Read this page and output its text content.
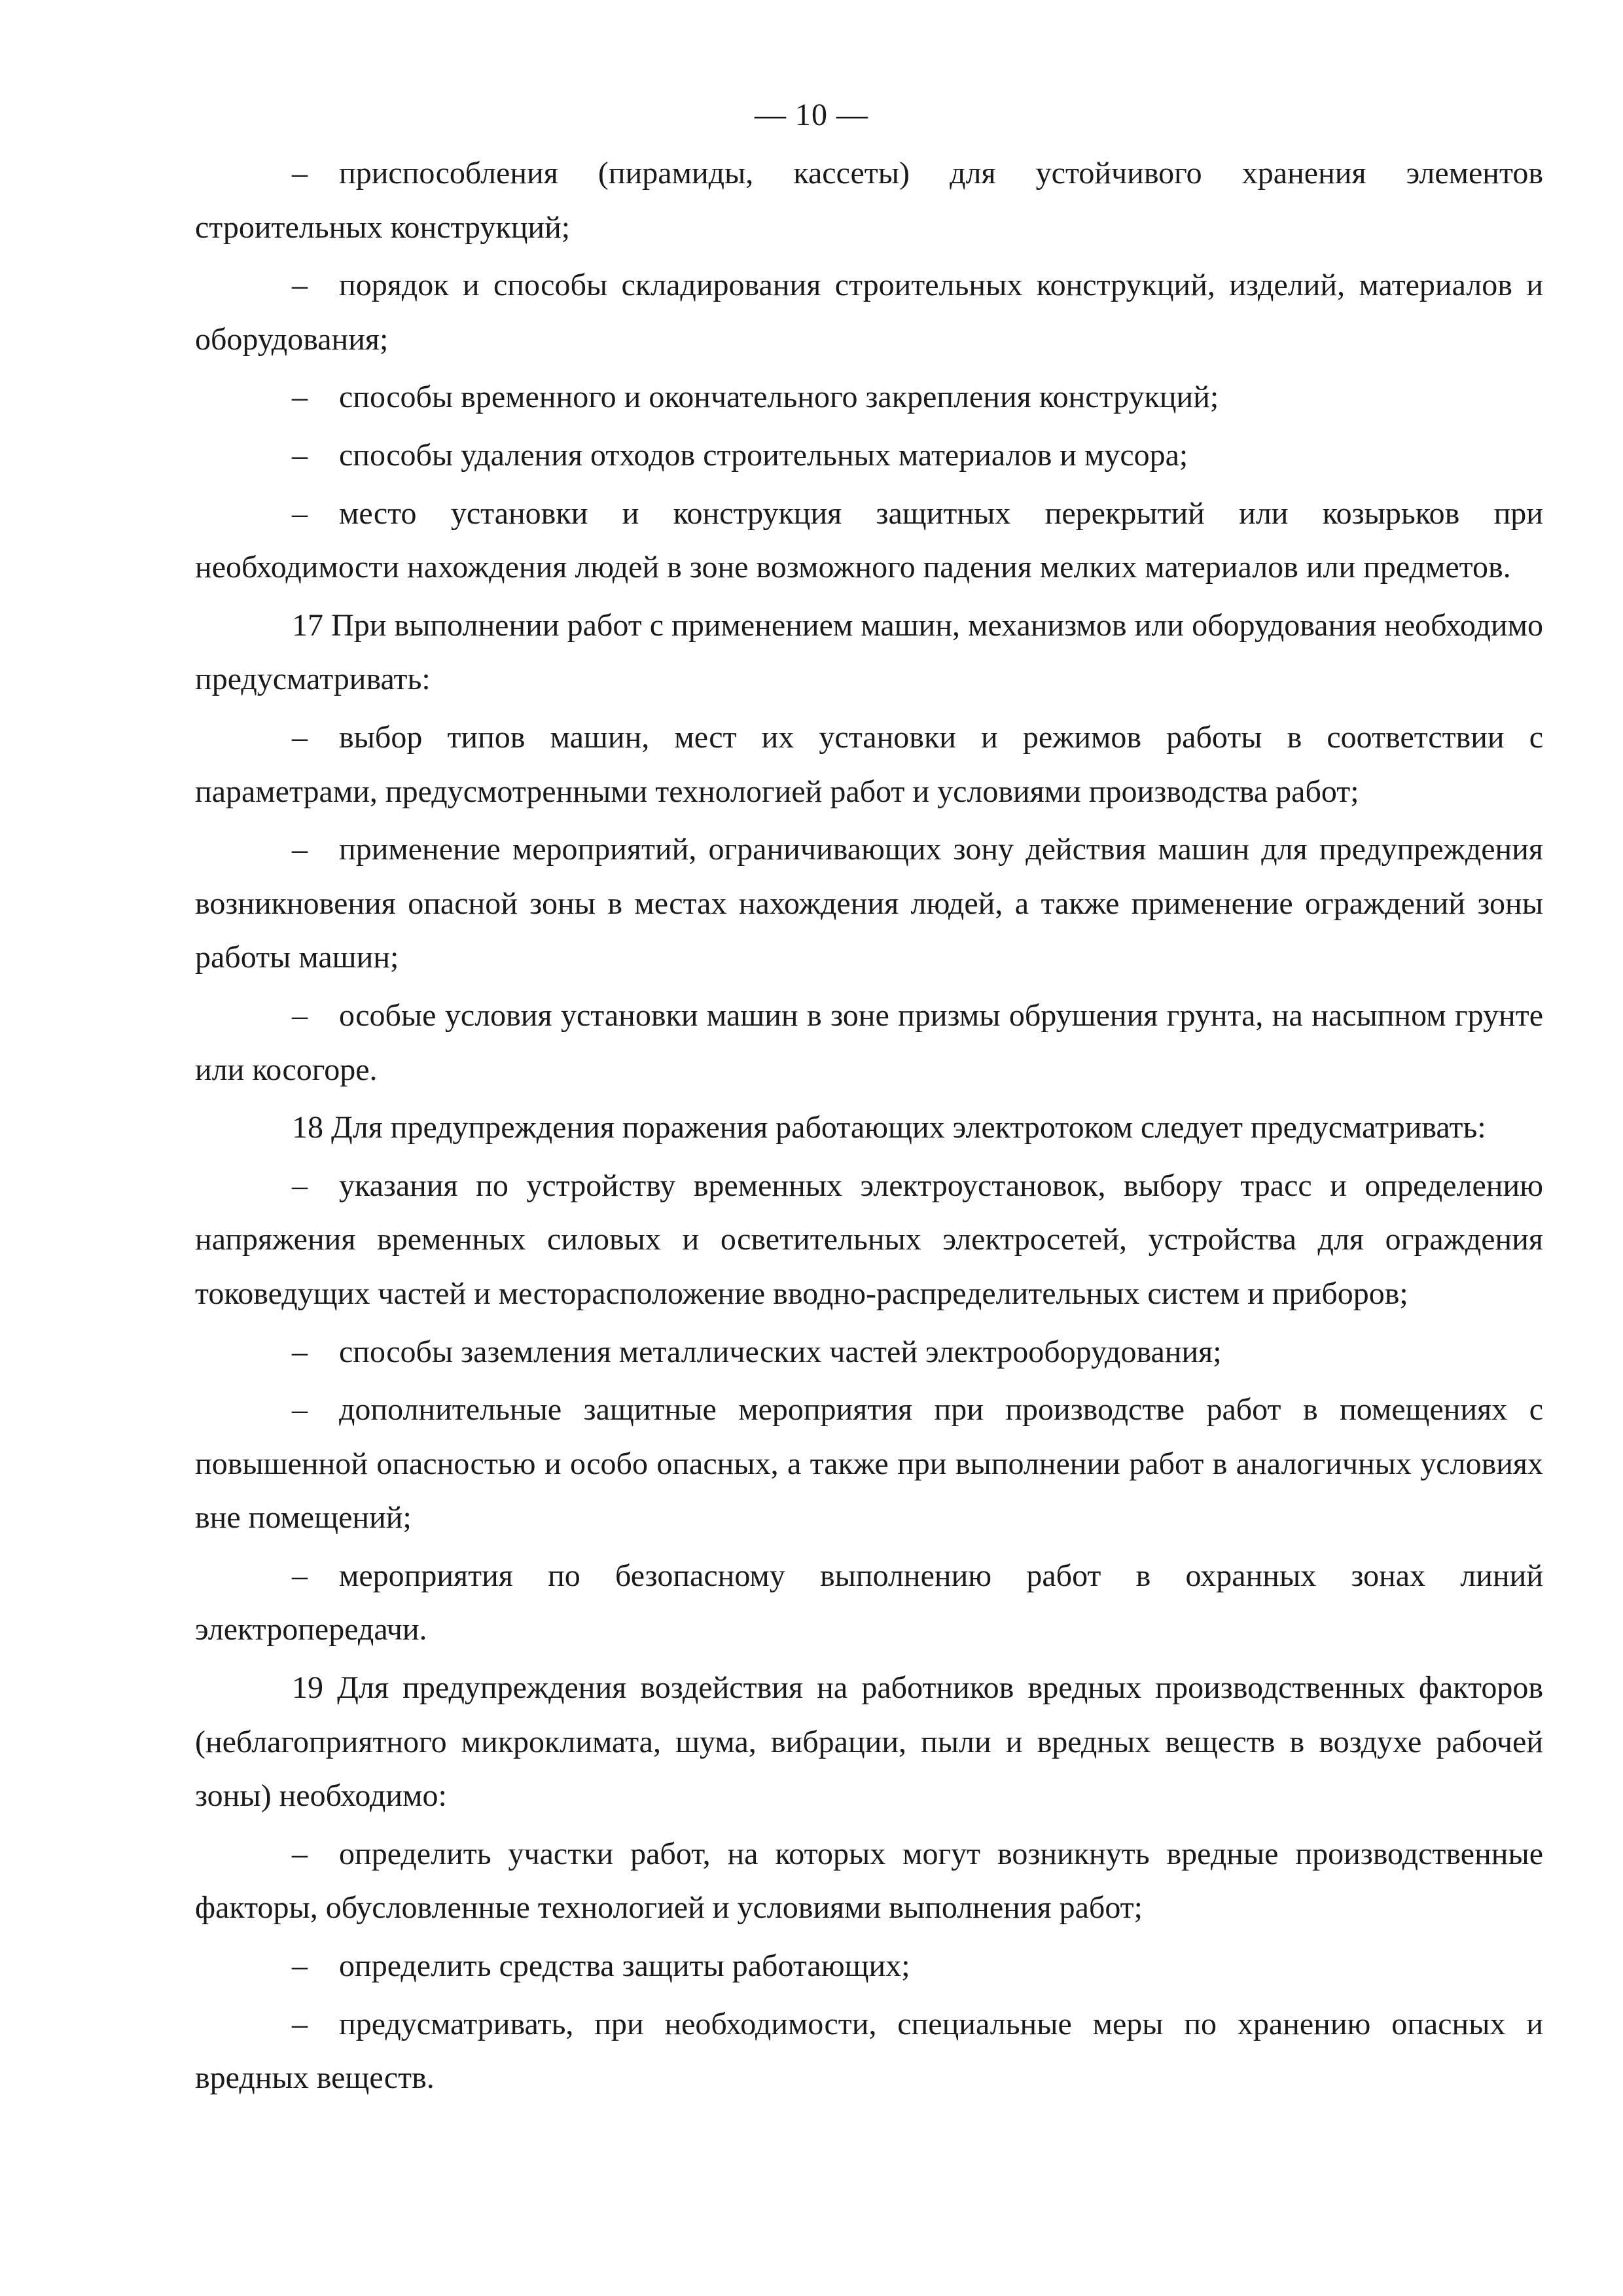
— 10 —

– приспособления (пирамиды, кассеты) для устойчивого хранения элементов строительных конструкций;

– порядок и способы складирования строительных конструкций, изделий, материалов и оборудования;

– способы временного и окончательного закрепления конструкций;

– способы удаления отходов строительных материалов и мусора;

– место установки и конструкция защитных перекрытий или козырьков при необходимости нахождения людей в зоне возможного падения мелких материалов или предметов.

17 При выполнении работ с применением машин, механизмов или оборудования необходимо предусматривать:

– выбор типов машин, мест их установки и режимов работы в соответствии с параметрами, предусмотренными технологией работ и условиями производства работ;

– применение мероприятий, ограничивающих зону действия машин для предупреждения возникновения опасной зоны в местах нахождения людей, а также применение ограждений зоны работы машин;

– особые условия установки машин в зоне призмы обрушения грунта, на насыпном грунте или косогоре.

18 Для предупреждения поражения работающих электротоком следует предусматривать:

– указания по устройству временных электроустановок, выбору трасс и определению напряжения временных силовых и осветительных электросетей, устройства для ограждения токоведущих частей и месторасположение вводно-распределительных систем и приборов;

– способы заземления металлических частей электрооборудования;

– дополнительные защитные мероприятия при производстве работ в помещениях с повышенной опасностью и особо опасных, а также при выполнении работ в аналогичных условиях вне помещений;

– мероприятия по безопасному выполнению работ в охранных зонах линий электропередачи.

19 Для предупреждения воздействия на работников вредных производственных факторов (неблагоприятного микроклимата, шума, вибрации, пыли и вредных веществ в воздухе рабочей зоны) необходимо:

– определить участки работ, на которых могут возникнуть вредные производственные факторы, обусловленные технологией и условиями выполнения работ;

– определить средства защиты работающих;

– предусматривать, при необходимости, специальные меры по хранению опасных и вредных веществ.
